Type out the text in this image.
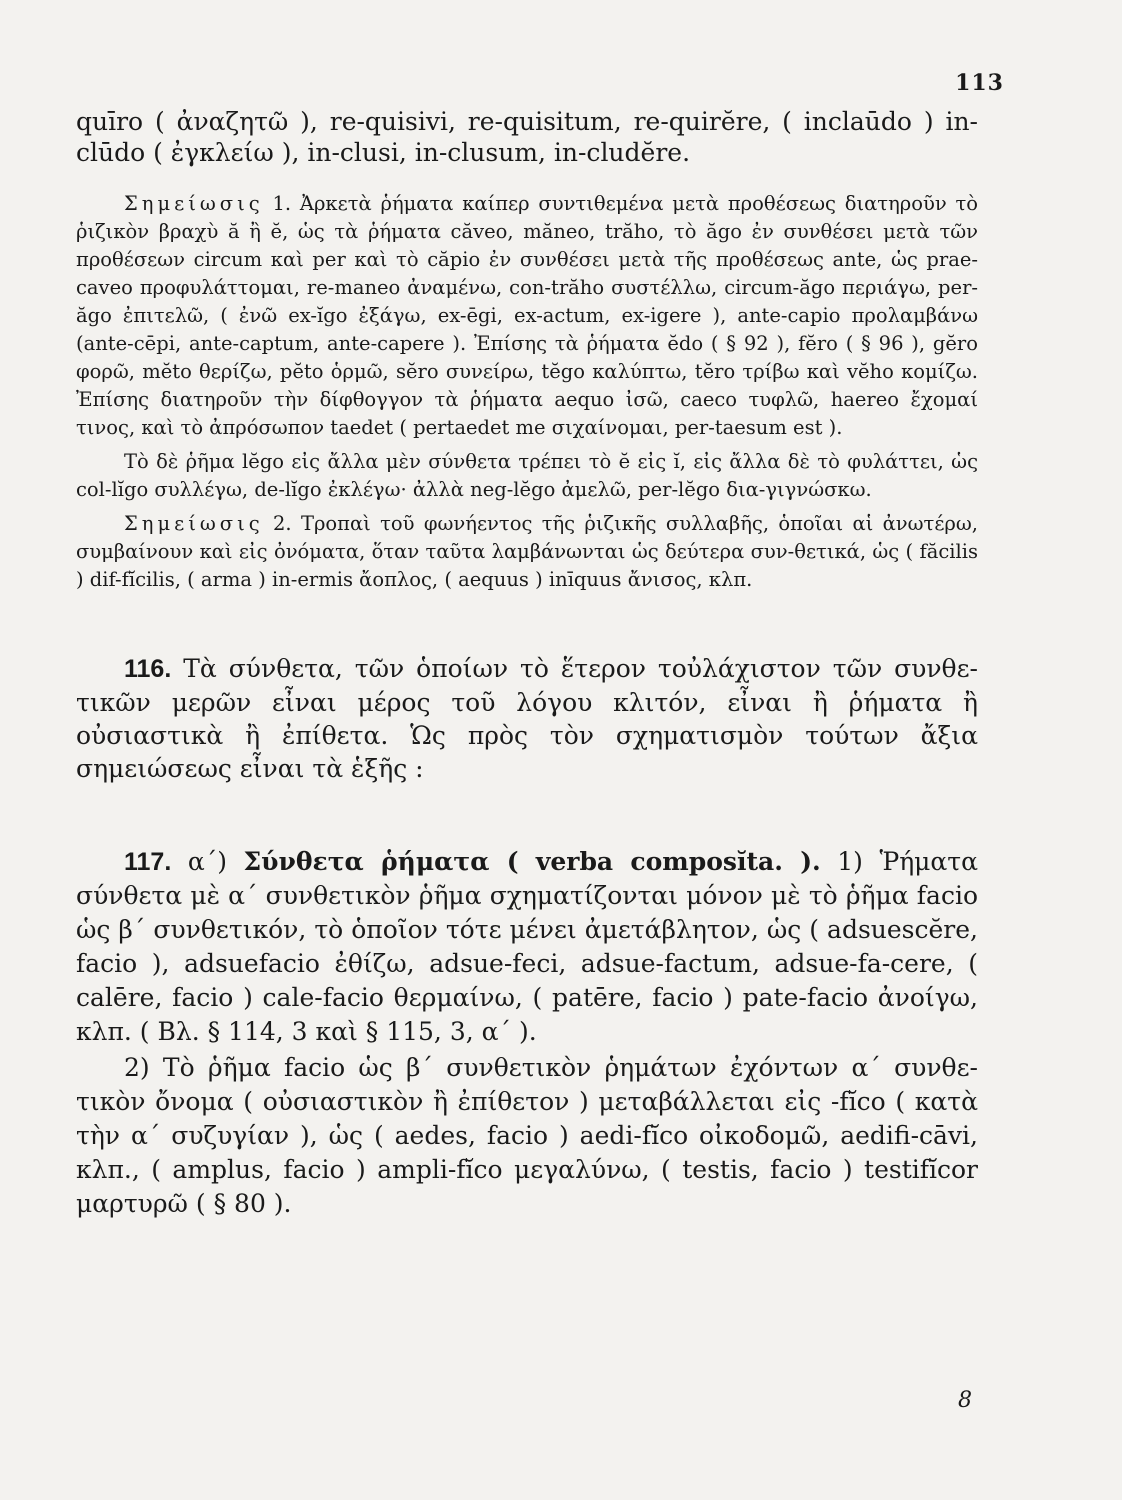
113

quīro ( ἀναζητῶ ), re-quisivi, re-quisitum, re-quirĕre, ( inclaūdo ) in-clūdo ( ἐγκλείω ), in-clusi, in-clusum, in-cludĕre.

Σημείωσις 1. Ἀρκετὰ ῥήματα καίπερ συντιθεμένα μετὰ προθέσεως διατηροῦν τὸ ῥιζικὸν βραχὺ ă ἢ ĕ, ὡς τὰ ῥήματα căveo, măneo, trăho, τὸ ăgo ἐν συνθέσει μετὰ τῶν προθέσεων circum καὶ per καὶ τὸ căpio ἐν συνθέσει μετὰ τῆς προθέσεως ante, ὡς prae-caveo προφυλάττομαι, re-maneo ἀναμένω, con-trăho συστέλλω, circum-ăgo περιάγω, per-ăgo ἐπιτελῶ, ( ἐνῶ ex-ĭgo ἐξάγω, ex-ēgi, ex-actum, ex-igere ), ante-capio προλαμβάνω (ante-cēpi, ante-captum, ante-capere ). Ἐπίσης τὰ ῥήματα ĕdo ( § 92 ), fĕro ( § 96 ), gĕro φορῶ, mĕto θερίζω, pĕto ὁρμῶ, sĕro συνείρω, tĕgo καλύπτω, tĕro τρίβω καὶ vĕho κομίζω. Ἐπίσης διατηροῦν τὴν δίφθογγον τὰ ῥήματα aequo ἰσῶ, caeco τυφλῶ, haereo ἔχομαί τινος, καὶ τὸ ἀπρόσωπον taedet ( pertaedet me σιχαίνομαι, per-taesum est ).

Τὸ δὲ ῥῆμα lĕgo εἰς ἄλλα μὲν σύνθετα τρέπει τὸ ĕ εἰς ĭ, εἰς ἄλλα δὲ τὸ φυλάττει, ὡς col-lĭgo συλλέγω, de-lĭgo ἐκλέγω· ἀλλὰ neg-lĕgo ἀμελῶ, per-lĕgo δια-γιγνώσκω.

Σημείωσις 2. Τροπαὶ τοῦ φωνήεντος τῆς ῥιζικῆς συλλαβῆς, ὁποῖαι αἱ ἀνωτέρω, συμβαίνουν καὶ εἰς ὀνόματα, ὅταν ταῦτα λαμβάνωνται ὡς δεύτερα συν-θετικά, ὡς ( făcilis ) dif-fĭcilis, ( arma ) in-ermis ἄοπλος, ( aequus ) inīquus ἄνισος, κλπ.

116. Τὰ σύνθετα, τῶν ὁποίων τὸ ἕτερον τοὐλάχιστον τῶν συνθε-τικῶν μερῶν εἶναι μέρος τοῦ λόγου κλιτόν, εἶναι ἢ ῥήματα ἢ οὐσιαστικὰ ἢ ἐπίθετα. Ὡς πρὸς τὸν σχηματισμὸν τούτων ἄξια σημειώσεως εἶναι τὰ ἑξῆς :

117. α΄) Σύνθετα ῥήματα ( verba composĭta. ). 1) Ῥήματα σύνθετα μὲ α΄ συνθετικὸν ῥῆμα σχηματίζονται μόνον μὲ τὸ ῥῆμα facio ὡς β΄ συνθετικόν, τὸ ὁποῖον τότε μένει ἀμετάβλητον, ὡς ( adsuescĕre, facio ), adsuefacio ἐθίζω, adsue-feci, adsue-factum, adsue-fa-cere, ( calēre, facio ) cale-facio θερμαίνω, ( patēre, facio ) pate-facio ἀνοίγω, κλπ. ( Βλ. § 114, 3 καὶ § 115, 3, α΄ ).

2) Τὸ ῥῆμα facio ὡς β΄ συνθετικὸν ῥημάτων ἐχόντων α΄ συνθε-τικὸν ὄνομα ( οὐσιαστικὸν ἢ ἐπίθετον ) μεταβάλλεται εἰς -fĭco ( κατὰ τὴν α΄ συζυγίαν ), ὡς ( aedes, facio ) aedi-fĭco οἰκοδομῶ, aedifi-cāvi, κλπ., ( amplus, facio ) ampli-fĭco μεγαλύνω, ( testis, facio ) testifĭcor μαρτυρῶ ( § 80 ).

8
